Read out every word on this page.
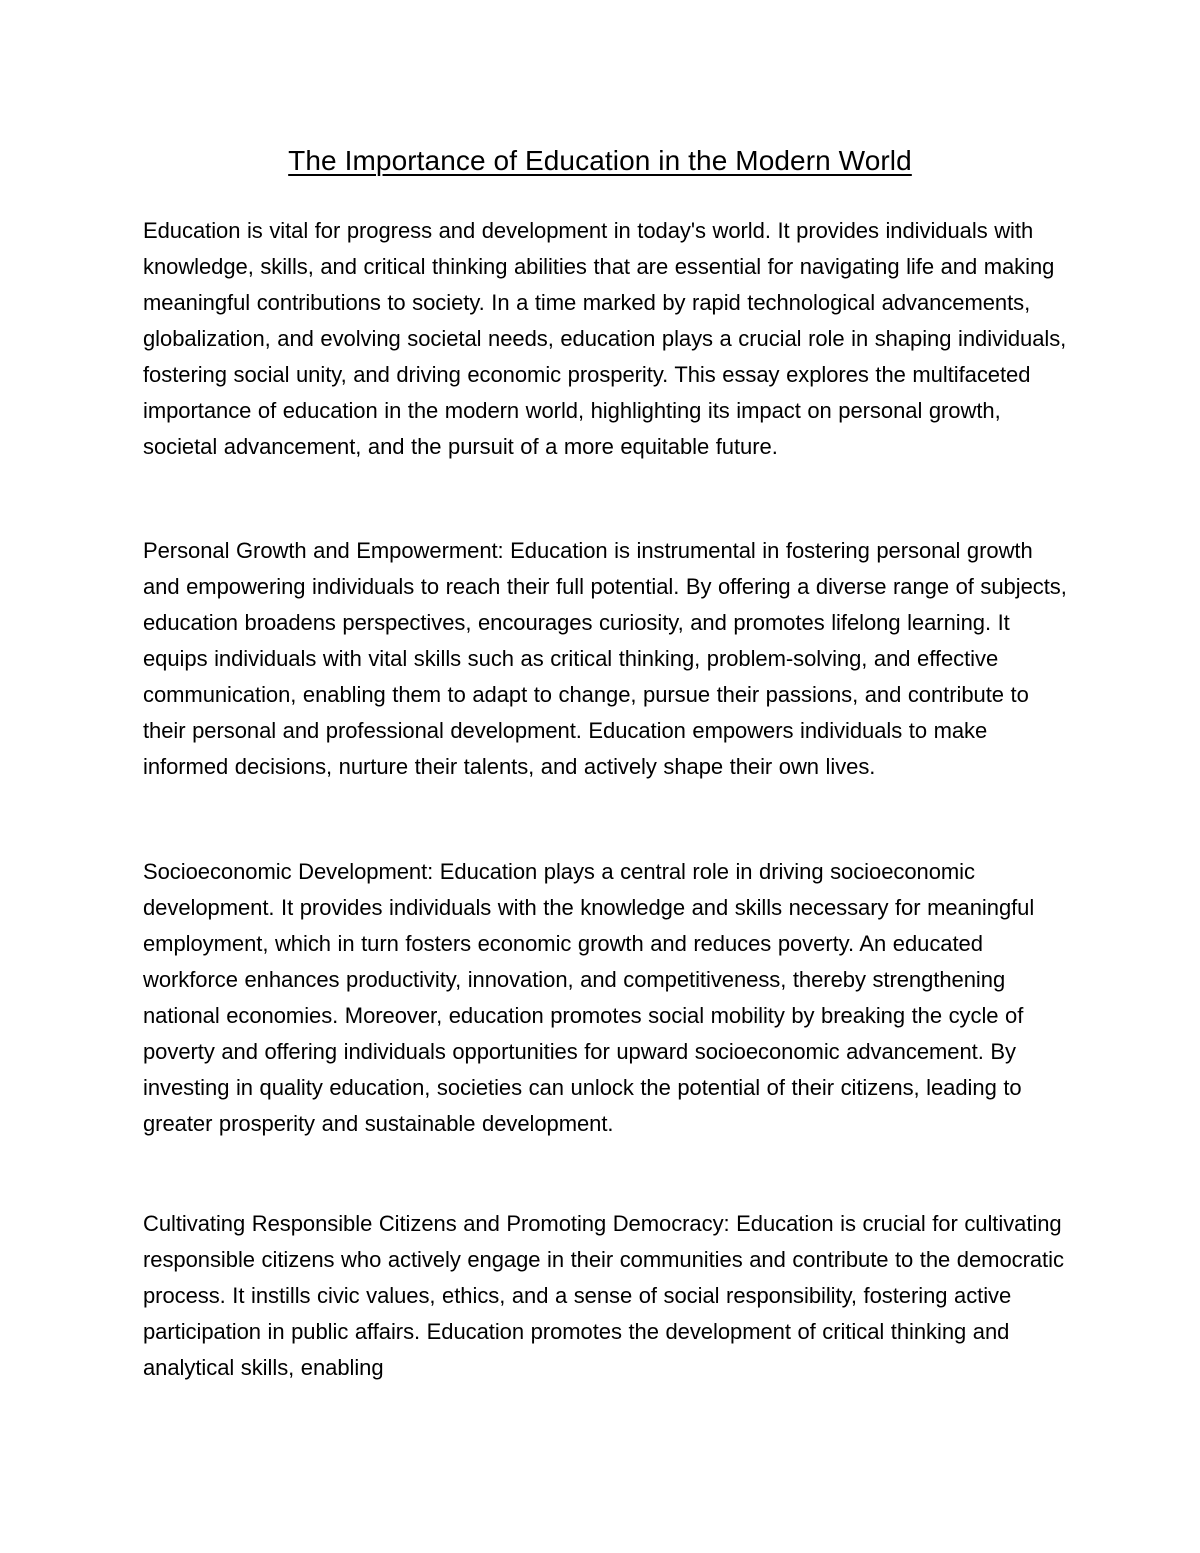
The Importance of Education in the Modern World

Education is vital for progress and development in today's world. It provides individuals with knowledge, skills, and critical thinking abilities that are essential for navigating life and making meaningful contributions to society. In a time marked by rapid technological advancements, globalization, and evolving societal needs, education plays a crucial role in shaping individuals, fostering social unity, and driving economic prosperity. This essay explores the multifaceted importance of education in the modern world, highlighting its impact on personal growth, societal advancement, and the pursuit of a more equitable future.

Personal Growth and Empowerment: Education is instrumental in fostering personal growth and empowering individuals to reach their full potential. By offering a diverse range of subjects, education broadens perspectives, encourages curiosity, and promotes lifelong learning. It equips individuals with vital skills such as critical thinking, problem-solving, and effective communication, enabling them to adapt to change, pursue their passions, and contribute to their personal and professional development. Education empowers individuals to make informed decisions, nurture their talents, and actively shape their own lives.

Socioeconomic Development: Education plays a central role in driving socioeconomic development. It provides individuals with the knowledge and skills necessary for meaningful employment, which in turn fosters economic growth and reduces poverty. An educated workforce enhances productivity, innovation, and competitiveness, thereby strengthening national economies. Moreover, education promotes social mobility by breaking the cycle of poverty and offering individuals opportunities for upward socioeconomic advancement. By investing in quality education, societies can unlock the potential of their citizens, leading to greater prosperity and sustainable development.

Cultivating Responsible Citizens and Promoting Democracy: Education is crucial for cultivating responsible citizens who actively engage in their communities and contribute to the democratic process. It instills civic values, ethics, and a sense of social responsibility, fostering active participation in public affairs. Education promotes the development of critical thinking and analytical skills, enabling
